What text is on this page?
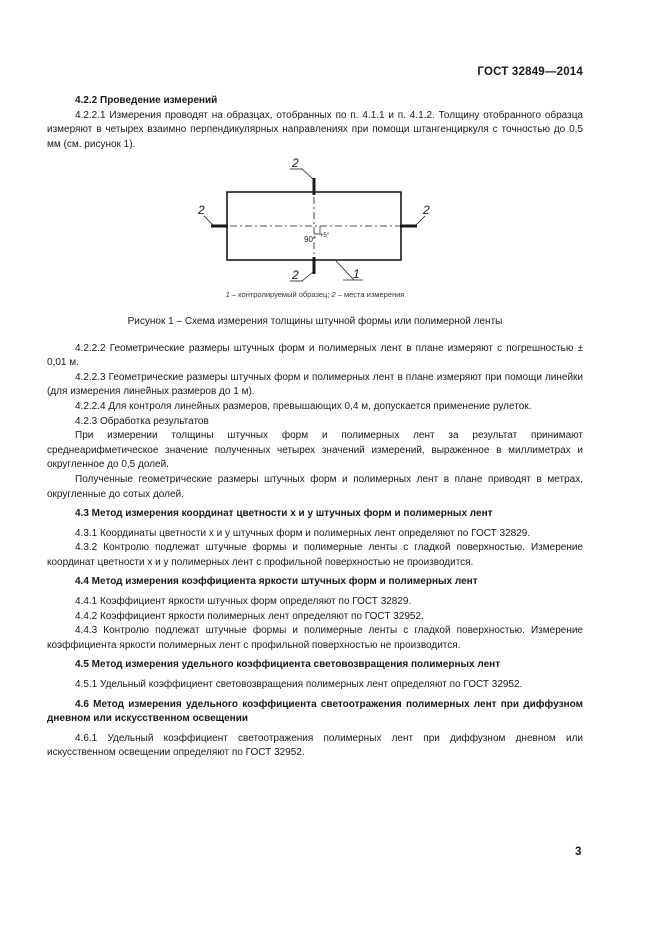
ГОСТ 32849—2014

4.2.2 Проведение измерений

4.2.2.1 Измерения проводят на образцах, отобранных по п. 4.1.1 и п. 4.1.2. Толщину отобранного образца измеряют в четырех взаимно перпендикулярных направлениях при помощи штангенциркуля с точностью до 0,5 мм (см. рисунок 1).

2
2	2
2	1
90° +5°
1 – контролируемый образец; 2 – места измерения
Рисунок 1 – Схема измерения толщины штучной формы или полимерной ленты

4.2.2.2 Геометрические размеры штучных форм и полимерных лент в плане измеряют с погрешностью ± 0,01 м.

4.2.2.3 Геометрические размеры штучных форм и полимерных лент в плане измеряют при помощи линейки (для измерения линейных размеров до 1 м).

4.2.2.4 Для контроля линейных размеров, превышающих 0,4 м, допускается применение рулеток.

4.2.3 Обработка результатов

При измерении толщины штучных форм и полимерных лент за результат принимают среднеарифметическое значение полученных четырех значений измерений, выраженное в миллиметрах и округленное до 0,5 долей.

Полученные геометрические размеры штучных форм и полимерных лент в плане приводят в метрах, округленные до сотых долей.

4.3 Метод измерения координат цветности x и y штучных форм и полимерных лент

4.3.1 Координаты цветности x и y штучных форм и полимерных лент определяют по ГОСТ 32829.

4.3.2 Контролю подлежат штучные формы и полимерные ленты с гладкой поверхностью. Измерение координат цветности x и y полимерных лент с профильной поверхностью не производится.

4.4 Метод измерения коэффициента яркости штучных форм и полимерных лент

4.4.1 Коэффициент яркости штучных форм определяют по ГОСТ 32829.

4.4.2 Коэффициент яркости полимерных лент определяют по ГОСТ 32952.

4.4.3 Контролю подлежат штучные формы и полимерные ленты с гладкой поверхностью. Измерение коэффициента яркости полимерных лент с профильной поверхностью не производится.

4.5 Метод измерения удельного коэффициента световозвращения полимерных лент

4.5.1 Удельный коэффициент световозвращения полимерных лент определяют по ГОСТ 32952.

4.6 Метод измерения удельного коэффициента светоотражения полимерных лент при диффузном дневном или искусственном освещении

4.6.1 Удельный коэффициент светоотражения полимерных лент при диффузном дневном или искусственном освещении определяют по ГОСТ 32952.

3
